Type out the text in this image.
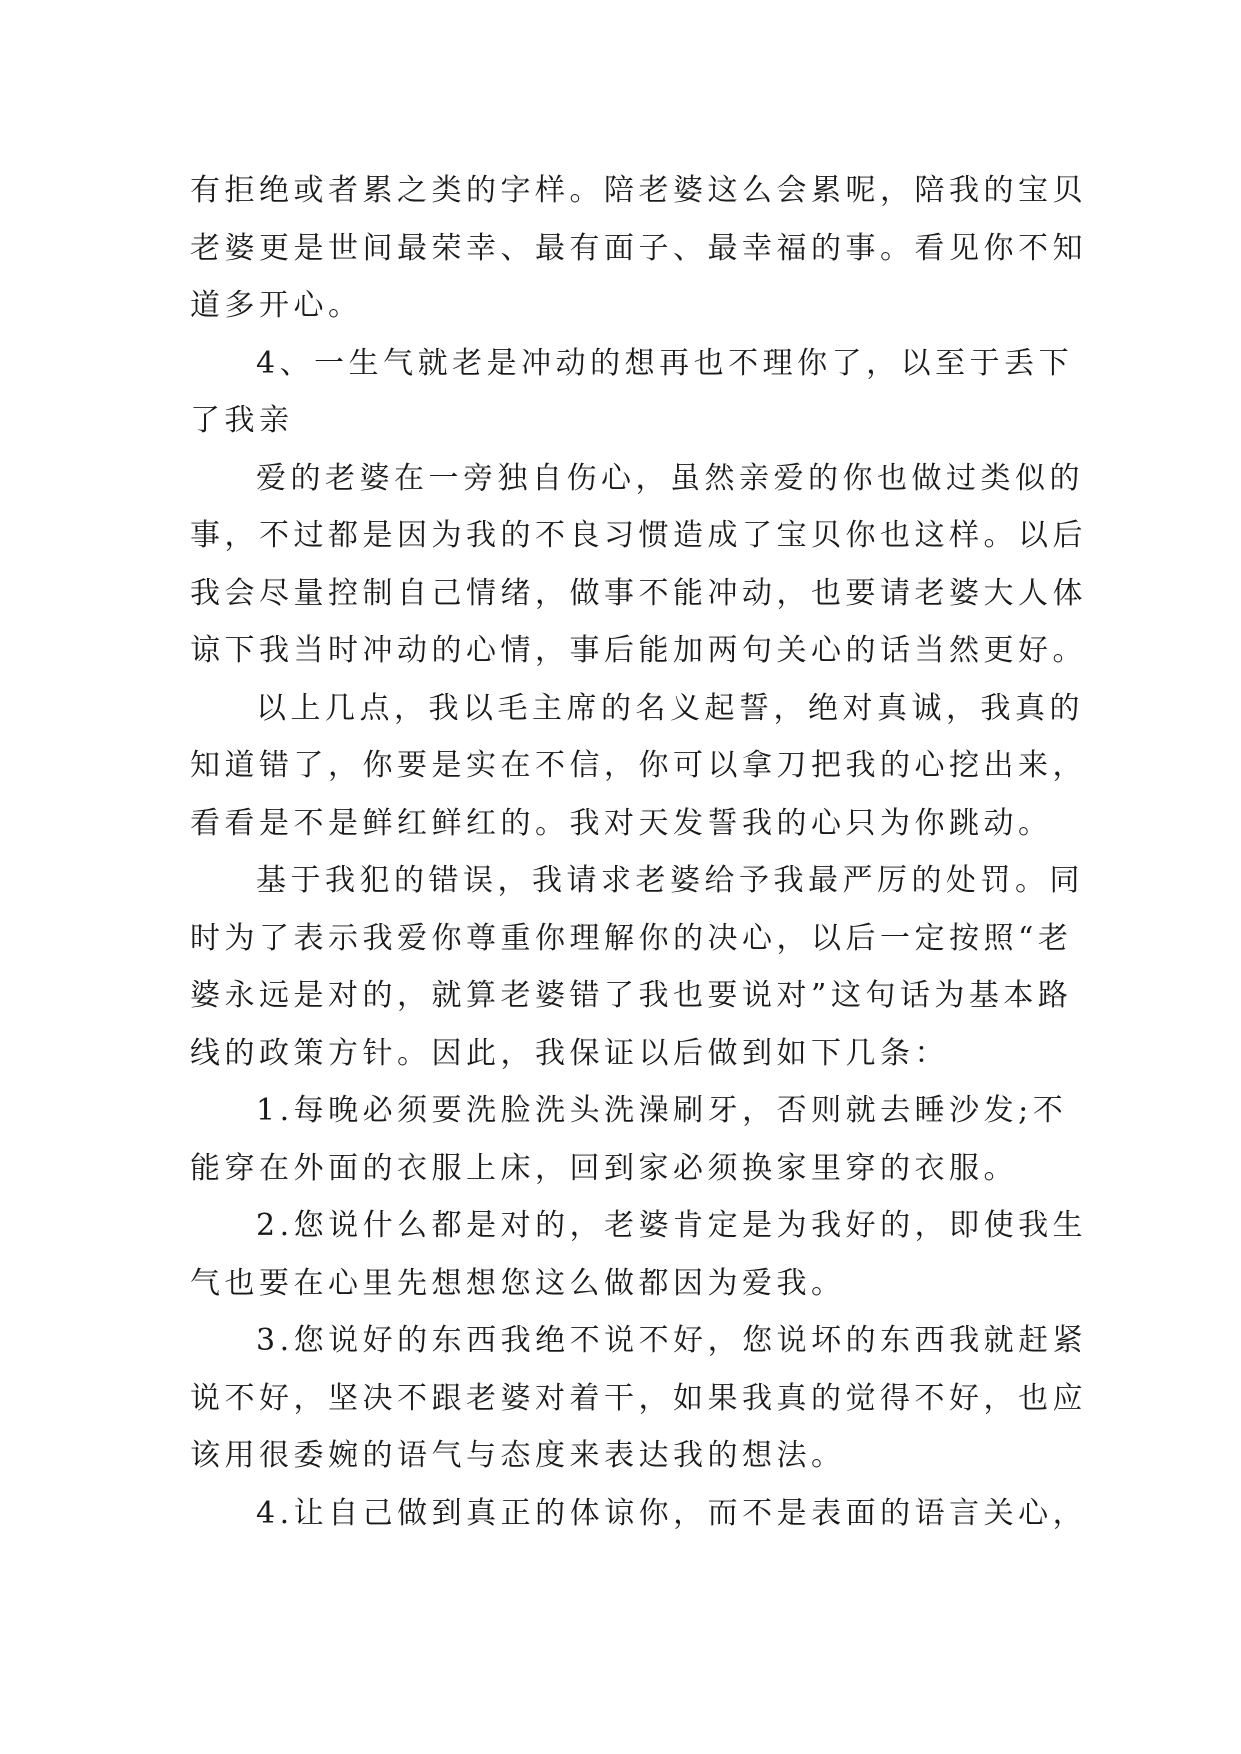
有拒绝或者累之类的字样。陪老婆这么会累呢，陪我的宝贝
老婆更是世间最荣幸、最有面子、最幸福的事。看见你不知
道多开心。
4、一生气就老是冲动的想再也不理你了，以至于丢下
了我亲
爱的老婆在一旁独自伤心，虽然亲爱的你也做过类似的
事，不过都是因为我的不良习惯造成了宝贝你也这样。以后
我会尽量控制自己情绪，做事不能冲动，也要请老婆大人体
谅下我当时冲动的心情，事后能加两句关心的话当然更好。
以上几点，我以毛主席的名义起誓，绝对真诚，我真的
知道错了，你要是实在不信，你可以拿刀把我的心挖出来，
看看是不是鲜红鲜红的。我对天发誓我的心只为你跳动。
基于我犯的错误，我请求老婆给予我最严厉的处罚。同
时为了表示我爱你尊重你理解你的决心，以后一定按照“老
婆永远是对的，就算老婆错了我也要说对”这句话为基本路
线的政策方针。因此，我保证以后做到如下几条：
1.每晚必须要洗脸洗头洗澡刷牙，否则就去睡沙发;不
能穿在外面的衣服上床，回到家必须换家里穿的衣服。
2.您说什么都是对的，老婆肯定是为我好的，即使我生
气也要在心里先想想您这么做都因为爱我。
3.您说好的东西我绝不说不好，您说坏的东西我就赶紧
说不好，坚决不跟老婆对着干，如果我真的觉得不好，也应
该用很委婉的语气与态度来表达我的想法。
4.让自己做到真正的体谅你，而不是表面的语言关心，
